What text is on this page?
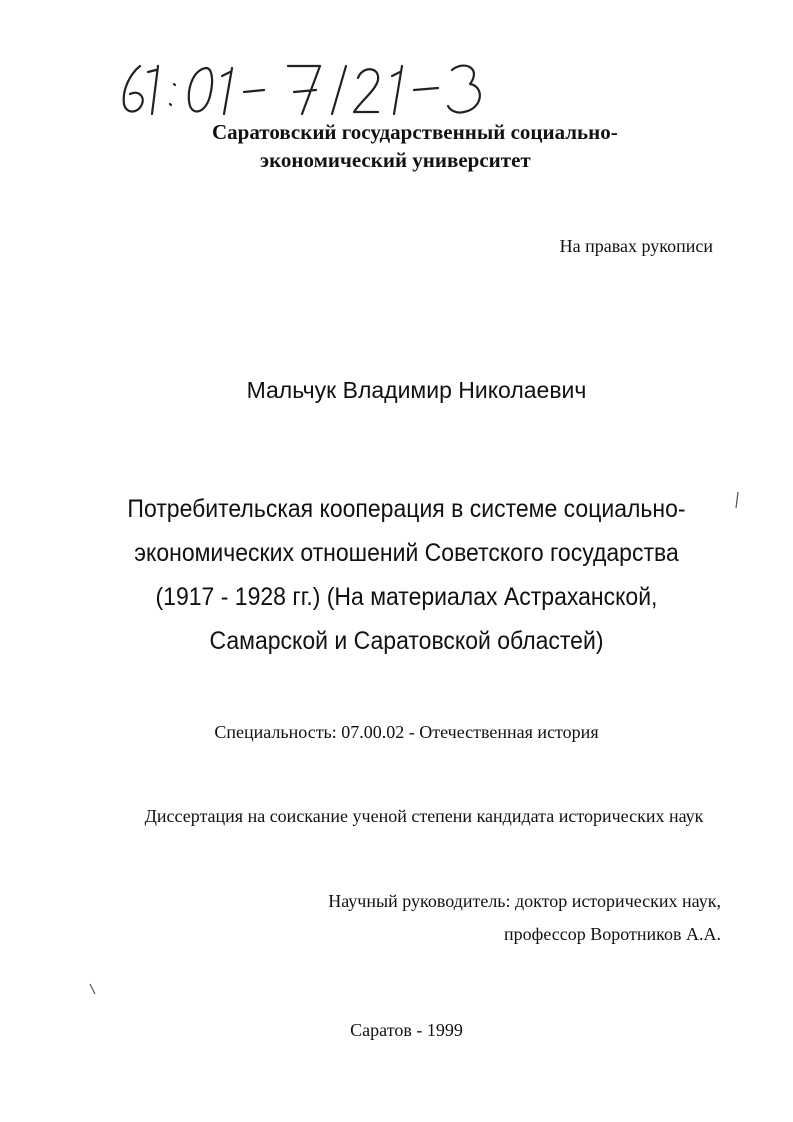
61:01-7/21-3	Саратовский государственный социально-
экономический университет
На правах рукописи
Мальчук Владимир Николаевич
Потребительская кооперация в системе социально-
экономических отношений Советского государства
(1917 - 1928 гг.) (На материалах Астраханской,
Самарской и Саратовской областей)
Специальность: 07.00.02 - Отечественная история
Диссертация на соискание ученой степени кандидата исторических наук
Научный руководитель: доктор исторических наук,
профессор Воротников А.А.
Саратов - 1999
